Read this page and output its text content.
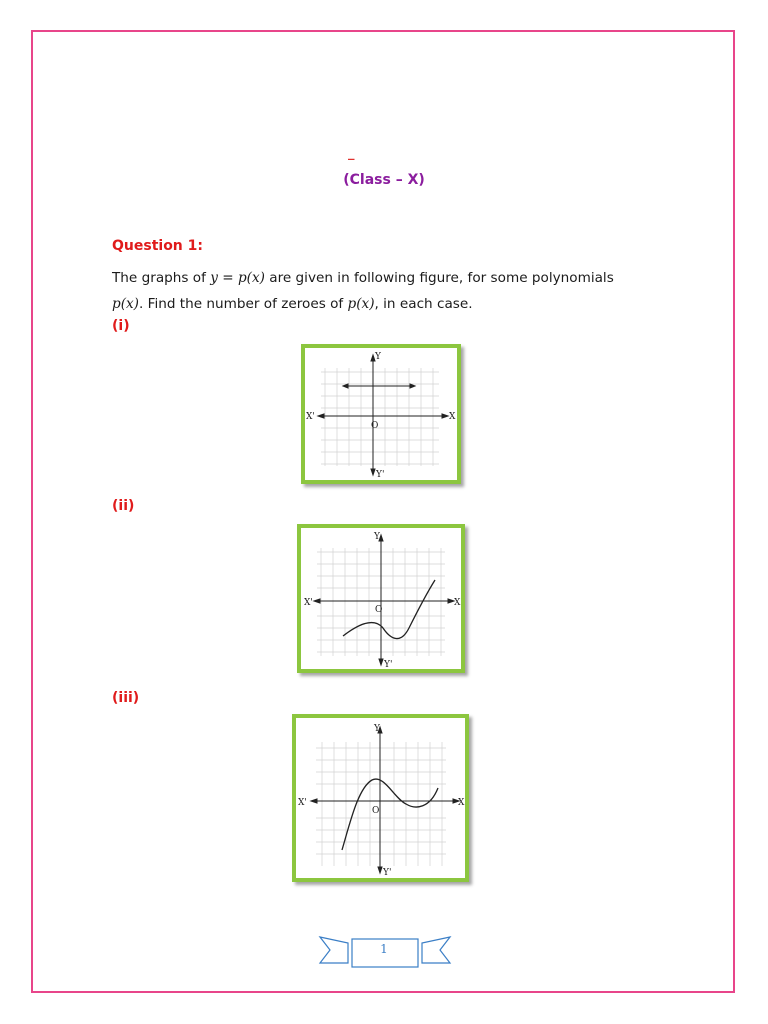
_
(Class – X)
Question 1:
The graphs of y = p(x) are given in following figure, for some polynomials
p(x). Find the number of zeroes of p(x), in each case.
(i)
Y
Y'
X
X'
O
(ii)
Y
Y'
X
X'
O
(iii)
Y
Y'
X
X'
O
1
